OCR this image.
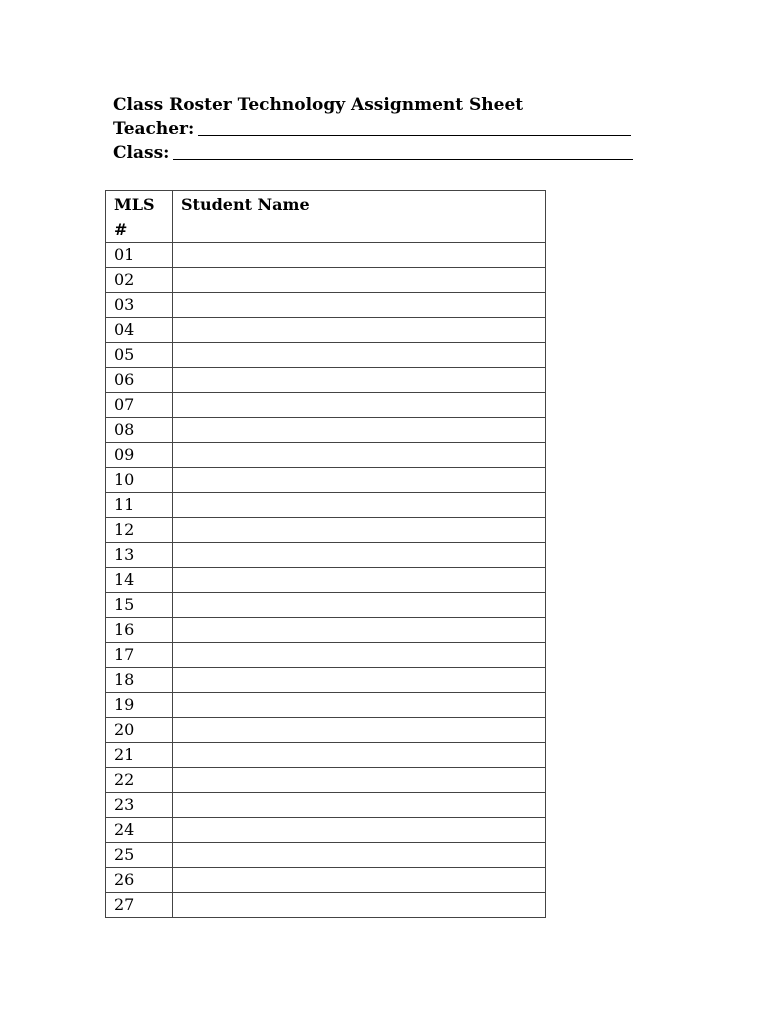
Class Roster Technology Assignment Sheet
Teacher:
Class:
MLS #	Student Name
01	
02	
03	
04	
05	
06	
07	
08	
09	
10	
11	
12	
13	
14	
15	
16	
17	
18	
19	
20	
21	
22	
23	
24	
25	
26	
27	
